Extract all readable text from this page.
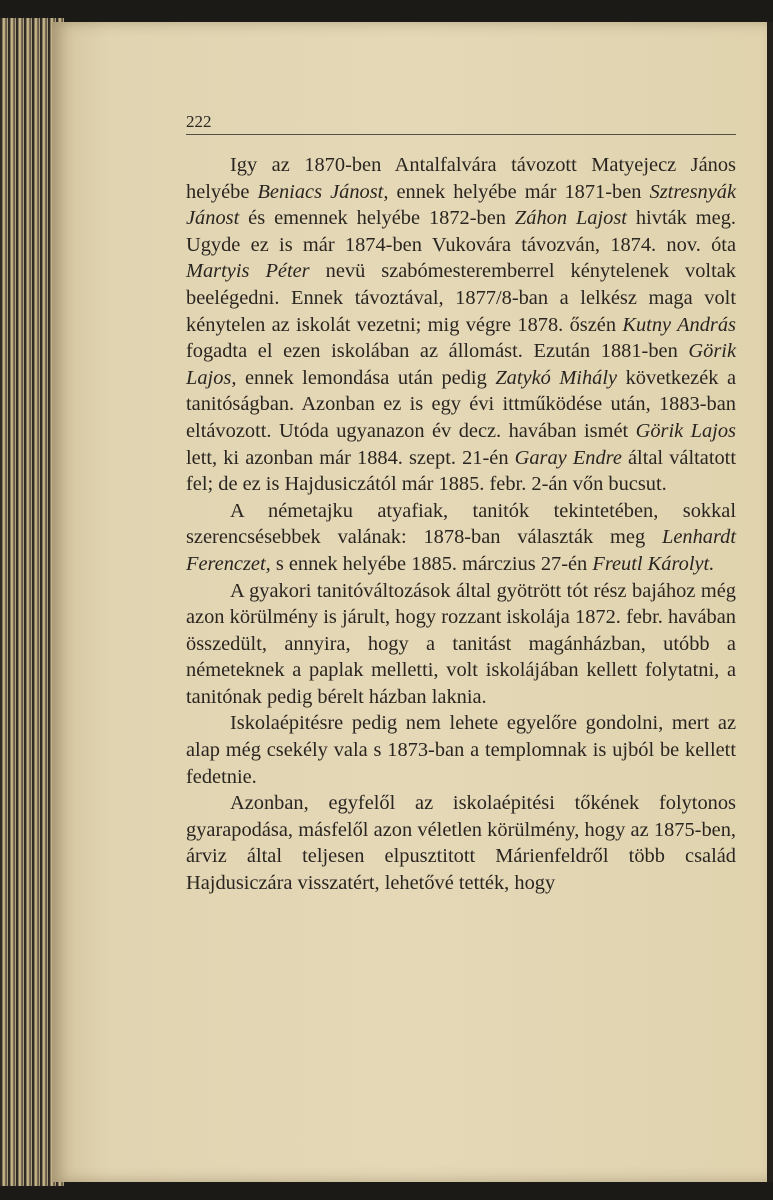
222

Igy az 1870-ben Antalfalvára távozott Matyejecz János helyébe Beniacs Jánost, ennek helyébe már 1871-ben Sztresnyák Jánost és emennek helyébe 1872-ben Záhon Lajost hivták meg. Ugyde ez is már 1874-ben Vukovára távozván, 1874. nov. óta Martyis Péter nevü szabómesteremberrel kénytelenek voltak beelégedni. Ennek távoztával, 1877/8-ban a lelkész maga volt kénytelen az iskolát vezetni; mig végre 1878. őszén Kutny András fogadta el ezen iskolában az állomást. Ezután 1881-ben Görik Lajos, ennek lemondása után pedig Zatykó Mihály következék a tanitóságban. Azonban ez is egy évi ittműködése után, 1883-ban eltávozott. Utóda ugyanazon év decz. havában ismét Görik Lajos lett, ki azonban már 1884. szept. 21-én Garay Endre által váltatott fel; de ez is Hajdusiczától már 1885. febr. 2-án vőn bucsut.

A németajku atyafiak, tanitók tekintetében, sokkal szerencsésebbek valának: 1878-ban választák meg Lenhardt Ferenczet, s ennek helyébe 1885. márczius 27-én Freutl Károlyt.

A gyakori tanitóváltozások által gyötrött tót rész bajához még azon körülmény is járult, hogy rozzant iskolája 1872. febr. havában összedült, annyira, hogy a tanitást magánházban, utóbb a németeknek a paplak melletti, volt iskolájában kellett folytatni, a tanitónak pedig bérelt házban laknia.

Iskolaépitésre pedig nem lehete egyelőre gondolni, mert az alap még csekély vala s 1873-ban a templomnak is ujból be kellett fedetnie.

Azonban, egyfelől az iskolaépitési tőkének folytonos gyarapodása, másfelől azon véletlen körülmény, hogy az 1875-ben, árviz által teljesen elpusztitott Márienfeldről több család Hajdusiczára visszatért, lehetővé tették, hogy
